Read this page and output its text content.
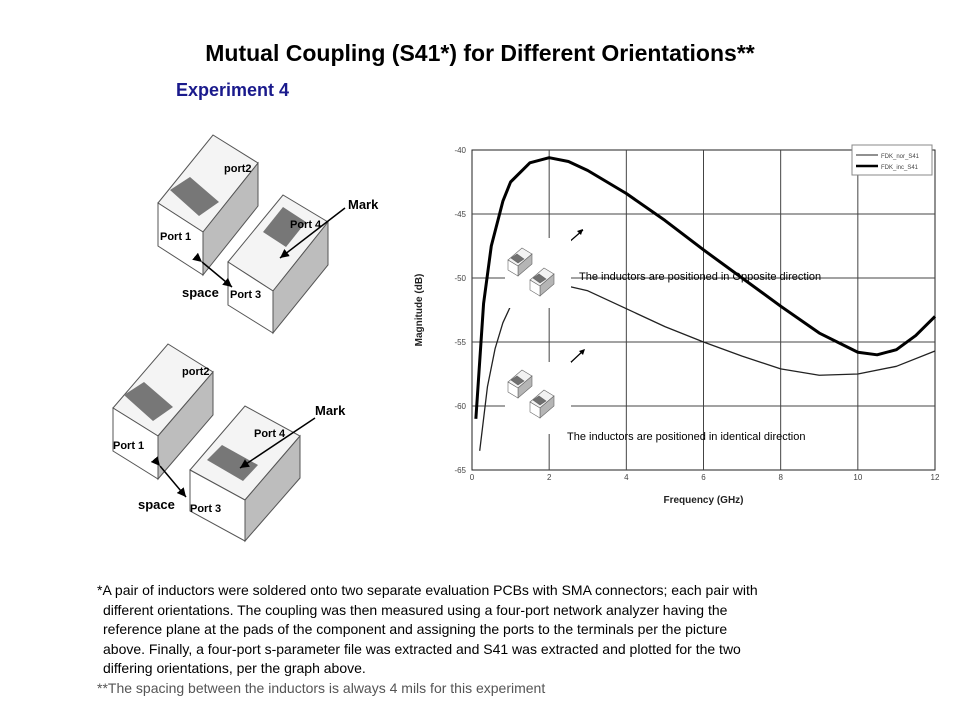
Mutual Coupling (S41*) for Different Orientations**
Experiment 4
port2
Port 1
Port 4
Port 3
Mark
space
port2
Port 1
Port 4
Port 3
Mark
space
0	2	4	6	8	10	12
-40
-45
-50
-55
-60
-65
Frequency (GHz)
Magnitude (dB)
FDK_nor_S41
FDK_inc_S41
The inductors are positioned in Opposite direction
The inductors are positioned in identical direction

*A pair of inductors were soldered onto two separate evaluation PCBs with SMA connectors; each pair with

different orientations. The coupling was then measured using a four-port network analyzer having the

reference plane at the pads of the component and assigning the ports to the terminals per the picture

above. Finally, a four-port s-parameter file was extracted and S41 was extracted and plotted for the two

differing orientations, per the graph above.

**The spacing between the inductors is always 4 mils for this experiment
